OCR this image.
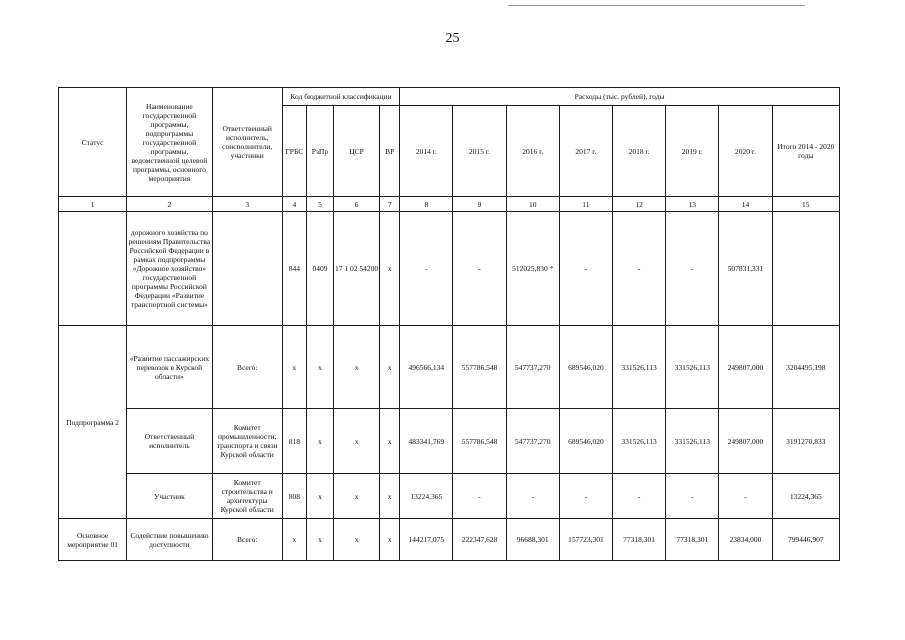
25
Статус	Наименование государственной программы, подпрограммы государственной программы, ведомственной целевой программы, основного мероприятия	Ответственный исполнитель, соисполнители, участники	Код бюджетной классификации				Расходы (тыс. рублей), годы							
			ГРБС	РзПр	ЦСР	ВР	2014 г.	2015 г.	2016 г.	2017 г.	2018 г.	2019 г.	2020 г.	Итого 2014 - 2020 годы
1	2	3	4	5	6	7	8	9	10	11	12	13	14	15
	дорожного хозяйства по решениям Правительства Российской Федерации в рамках подпрограммы «Дорожное хозяйство» государственной программы Российской Федерации «Развитие транспортной системы»		844	0409	17 1 02 54200	х	-	-	512025,830 *	-	-	-	507831,331	
Подпрограмма 2	«Развитие пассажирских перевозок в Курской области»	Всего:	х	х	х	х	496566,134	557786,548	547737,270	689546,020	331526,113	331526,113	249807,000	3204495,198
	Ответственный исполнитель	Комитет промышленности, транспорта и связи Курской области	818	х	х	х	483341,769	557786,548	547737,270	689546,020	331526,113	331526,113	249807,000	3191270,833
	Участник	Комитет строительства и архитектуры Курской области	808	х	х	х	13224,365	-	-	-	-	-	-	13224,365
Основное мероприятие 01	Содействие повышению доступности	Всего:	х	х	х	х	144217,075	222347,628	96688,301	157723,301	77318,301	77318,301	23834,000	799446,907
